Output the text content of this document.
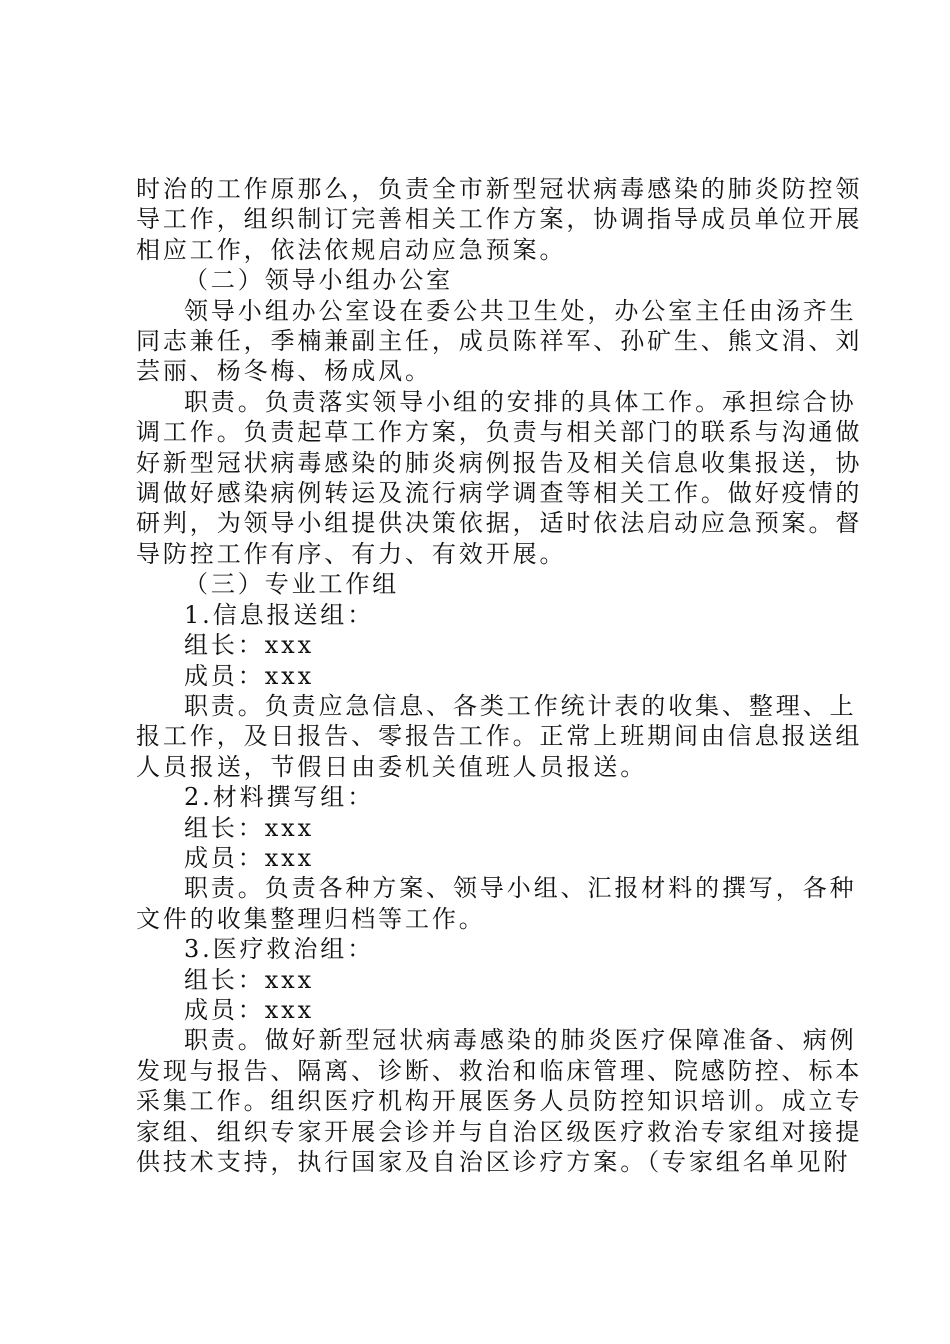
时治的工作原那么，负责全市新型冠状病毒感染的肺炎防控领
导工作，组织制订完善相关工作方案，协调指导成员单位开展
相应工作，依法依规启动应急预案。
（二）领导小组办公室
领导小组办公室设在委公共卫生处，办公室主任由汤齐生
同志兼任，季楠兼副主任，成员陈祥军、孙矿生、熊文涓、刘
芸丽、杨冬梅、杨成凤。
职责。负责落实领导小组的安排的具体工作。承担综合协
调工作。负责起草工作方案，负责与相关部门的联系与沟通做
好新型冠状病毒感染的肺炎病例报告及相关信息收集报送，协
调做好感染病例转运及流行病学调查等相关工作。做好疫情的
研判，为领导小组提供决策依据，适时依法启动应急预案。督
导防控工作有序、有力、有效开展。
（三）专业工作组
1.信息报送组：
组长：xxx
成员：xxx
职责。负责应急信息、各类工作统计表的收集、整理、上
报工作，及日报告、零报告工作。正常上班期间由信息报送组
人员报送，节假日由委机关值班人员报送。
2.材料撰写组：
组长：xxx
成员：xxx
职责。负责各种方案、领导小组、汇报材料的撰写，各种
文件的收集整理归档等工作。
3.医疗救治组：
组长：xxx
成员：xxx
职责。做好新型冠状病毒感染的肺炎医疗保障准备、病例
发现与报告、隔离、诊断、救治和临床管理、院感防控、标本
采集工作。组织医疗机构开展医务人员防控知识培训。成立专
家组、组织专家开展会诊并与自治区级医疗救治专家组对接提
供技术支持，执行国家及自治区诊疗方案。（专家组名单见附
